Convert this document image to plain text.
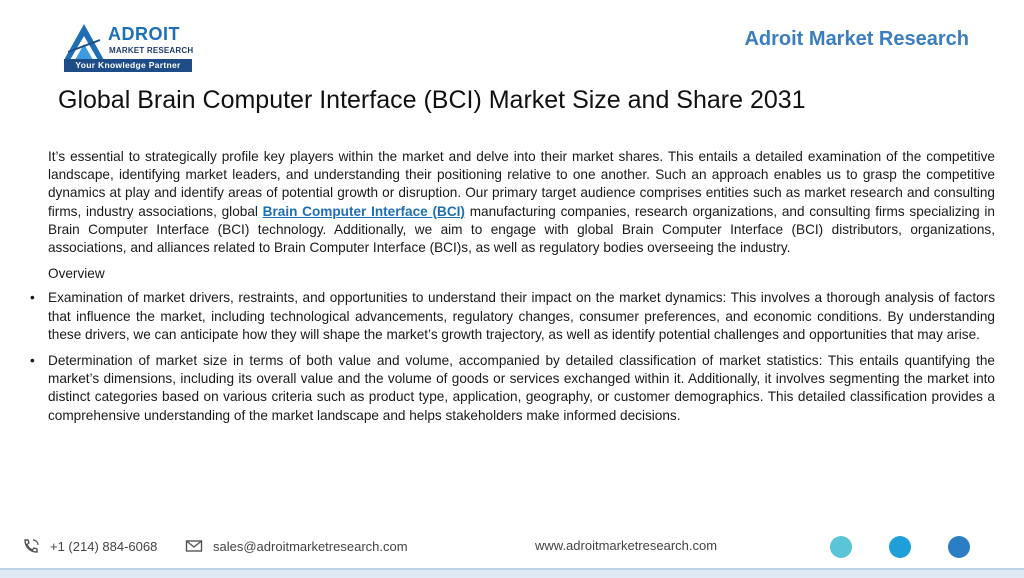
ADROIT
MARKET RESEARCH
Your Knowledge Partner
Adroit Market Research
Global Brain Computer Interface (BCI) Market Size and Share 2031

It’s essential to strategically profile key players within the market and delve into their market shares. This entails a detailed examination of the competitive landscape, identifying market leaders, and understanding their positioning relative to one another. Such an approach enables us to grasp the competitive dynamics at play and identify areas of potential growth or disruption. Our primary target audience comprises entities such as market research and consulting firms, industry associations, global Brain Computer Interface (BCI) manufacturing companies, research organizations, and consulting firms specializing in Brain Computer Interface (BCI) technology. Additionally, we aim to engage with global Brain Computer Interface (BCI) distributors, organizations, associations, and alliances related to Brain Computer Interface (BCI)s, as well as regulatory bodies overseeing the industry.

Overview
• Examination of market drivers, restraints, and opportunities to understand their impact on the market dynamics: This involves a thorough analysis of factors that influence the market, including technological advancements, regulatory changes, consumer preferences, and economic conditions. By understanding these drivers, we can anticipate how they will shape the market’s growth trajectory, as well as identify potential challenges and opportunities that may arise.
• Determination of market size in terms of both value and volume, accompanied by detailed classification of market statistics: This entails quantifying the market’s dimensions, including its overall value and the volume of goods or services exchanged within it. Additionally, it involves segmenting the market into distinct categories based on various criteria such as product type, application, geography, or customer demographics. This detailed classification provides a comprehensive understanding of the market landscape and helps stakeholders make informed decisions.
+1 (214) 884-6068	sales@adroitmarketresearch.com	www.adroitmarketresearch.com
